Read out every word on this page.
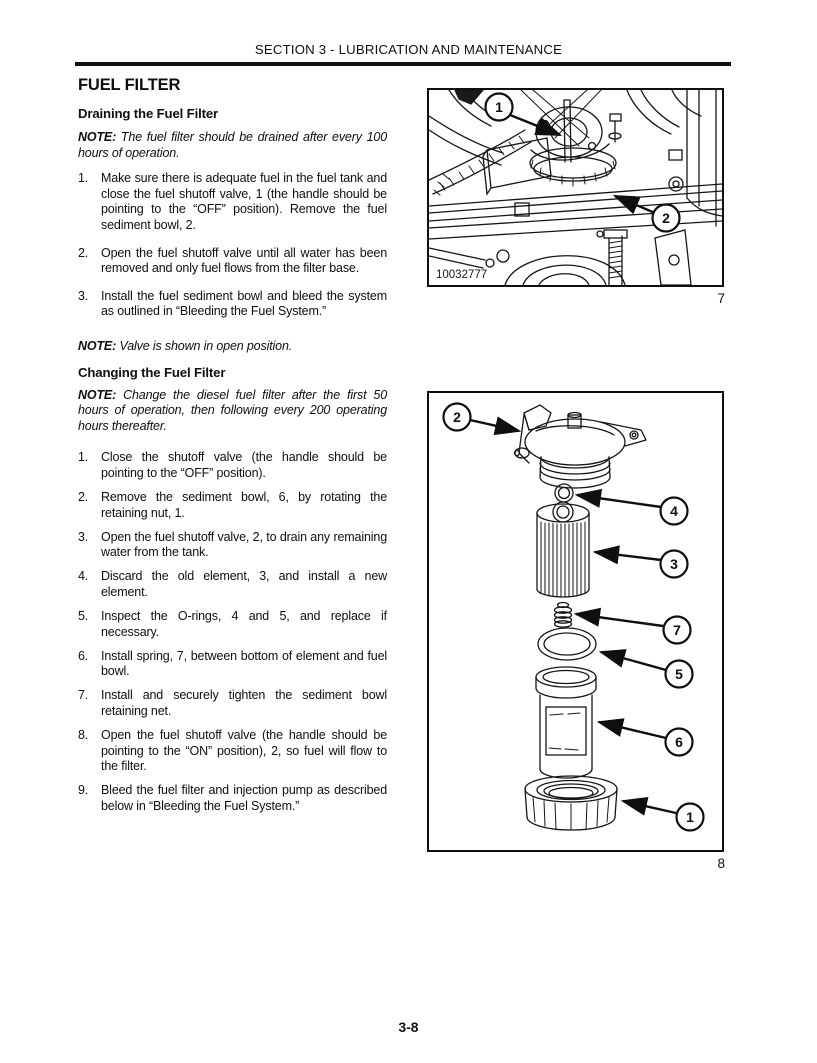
SECTION 3 - LUBRICATION AND MAINTENANCE
FUEL FILTER
Draining the Fuel Filter

NOTE: The fuel filter should be drained after every 100 hours of operation.

1.	Make sure there is adequate fuel in the fuel tank and close the fuel shutoff valve, 1 (the handle should be pointing to the “OFF” position). Remove the fuel sediment bowl, 2.
2.	Open the fuel shutoff valve until all water has been removed and only fuel flows from the filter base.
3.	Install the fuel sediment bowl and bleed the system as outlined in “Bleeding the Fuel System.”

NOTE: Valve is shown in open position.

Changing the Fuel Filter

NOTE: Change the diesel fuel filter after the first 50 hours of operation, then following every 200 operating hours thereafter.

1.	Close the shutoff valve (the handle should be pointing to the “OFF” position).
2.	Remove the sediment bowl, 6, by rotating the retaining nut, 1.
3.	Open the fuel shutoff valve, 2, to drain any remaining water from the tank.
4.	Discard the old element, 3, and install a new element.
5.	Inspect the O-rings, 4 and 5, and replace if necessary.
6.	Install spring, 7, between bottom of element and fuel bowl.
7.	Install and securely tighten the sediment bowl retaining net.
8.	Open the fuel shutoff valve (the handle should be pointing to the “ON” position), 2, so fuel will flow to the filter.
9.	Bleed the fuel filter and injection pump as described below in “Bleeding the Fuel System.”
1
2
10032777
7
2
4
3
7
5
6
1
8
3-8
